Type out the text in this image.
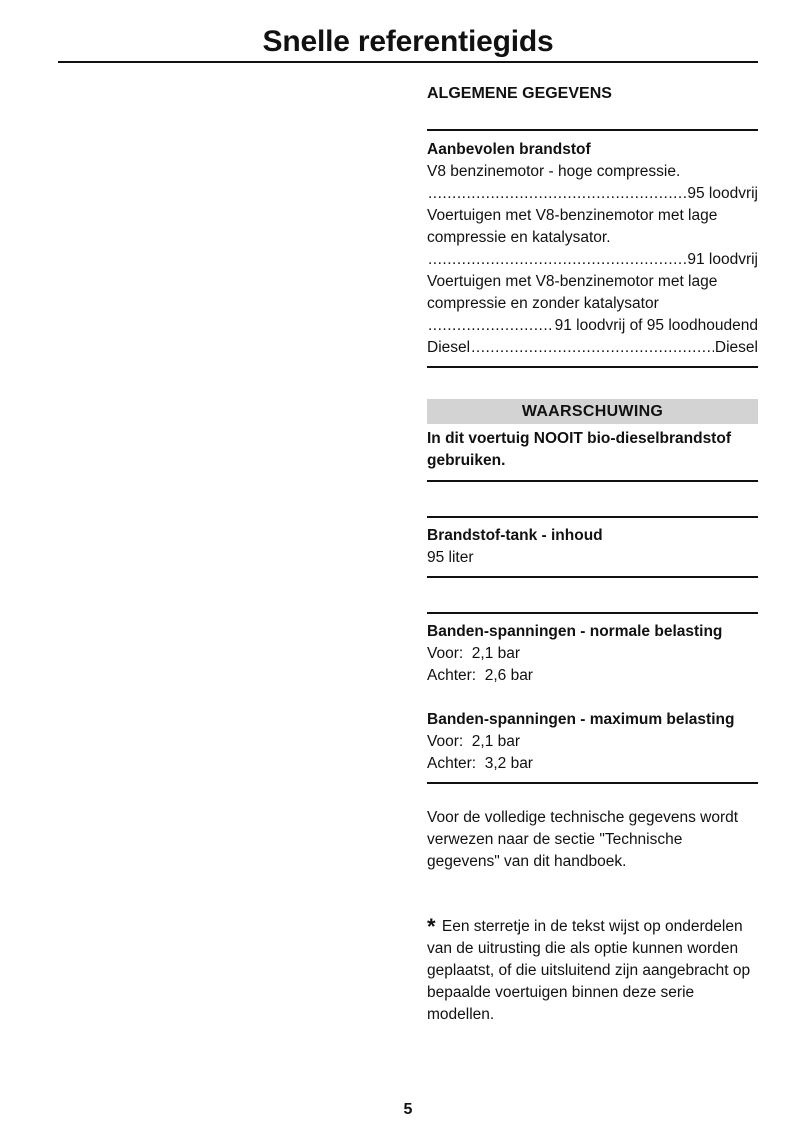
Snelle referentiegids
ALGEMENE GEGEVENS
Aanbevolen brandstof
V8 benzinemotor - hoge compressie.
.....
95 loodvrij
Voertuigen met V8-benzinemotor met lage compressie en katalysator.
.....
91 loodvrij
Voertuigen met V8-benzinemotor met lage compressie en zonder katalysator
.....
91 loodvrij of 95 loodhoudend
Diesel
.....	Diesel
WAARSCHUWING
In dit voertuig NOOIT bio-dieselbrandstof gebruiken.
Brandstof-tank - inhoud
95 liter
Banden-spanningen - normale belasting
Voor:  2,1 bar
Achter:  2,6 bar
Banden-spanningen - maximum belasting
Voor:  2,1 bar
Achter:  3,2 bar
Voor de volledige technische gegevens wordt verwezen naar de sectie "Technische gegevens" van dit handboek.
* Een sterretje in de tekst wijst op onderdelen van de uitrusting die als optie kunnen worden geplaatst, of die uitsluitend zijn aangebracht op bepaalde voertuigen binnen deze serie modellen.
5
